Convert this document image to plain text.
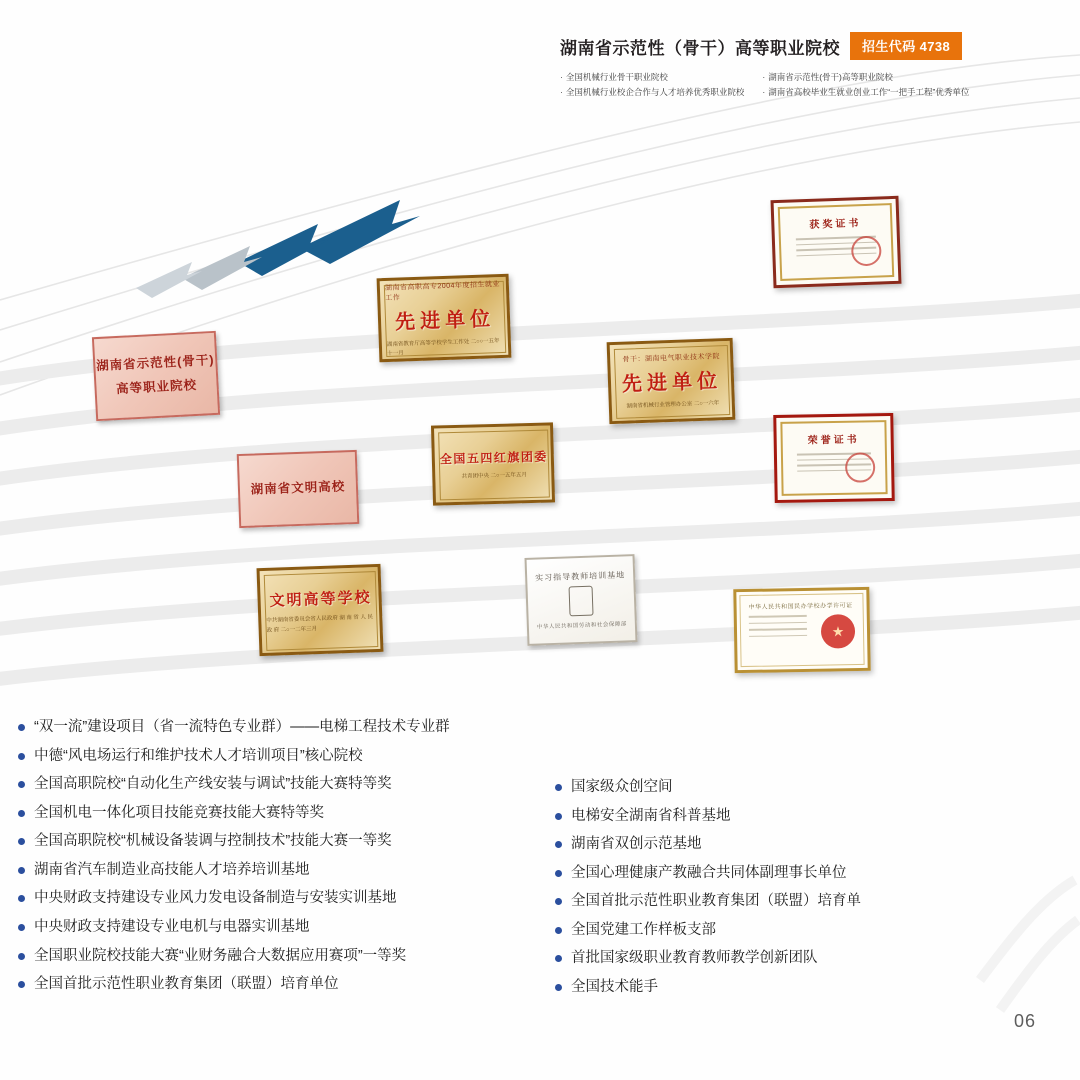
湖南省示范性（骨干）高等职业院校	招生代码 4738
· 全国机械行业骨干职业院校
· 全国机械行业校企合作与人才培养优秀职业院校
· 湖南省示范性(骨干)高等职业院校
· 湖南省高校毕业生就业创业工作“一把手工程”优秀单位
湖南省示范性(骨干)
高等职业院校
湖南省高职高专2004年度招生就业工作
先进单位
湖南省教育厅高等学校学生工作处 二○○一五年十一月
湖南省文明高校
全国五四红旗团委
共青团中央 二○一五年五月
文明高等学校
中共湖南省委员会省人民政府 湖 南 省 人 民 政 府 二○一二年三月
骨干：湖南电气职业技术学院
先进单位
湖南省机械行业管理办公室 二○一六年
实习指导教师培训基地
中华人民共和国劳动和社会保障部
获奖证书
荣誉证书
中华人民共和国民办学校办学许可证
★
“双一流”建设项目（省一流特色专业群）——电梯工程技术专业群
中德“风电场运行和维护技术人才培训项目”核心院校
全国高职院校“自动化生产线安装与调试”技能大赛特等奖
全国机电一体化项目技能竞赛技能大赛特等奖
全国高职院校“机械设备装调与控制技术”技能大赛一等奖
湖南省汽车制造业高技能人才培养培训基地
中央财政支持建设专业风力发电设备制造与安装实训基地
中央财政支持建设专业电机与电器实训基地
全国职业院校技能大赛“业财务融合大数据应用赛项”一等奖
全国首批示范性职业教育集团（联盟）培育单位
国家级众创空间
电梯安全湖南省科普基地
湖南省双创示范基地
全国心理健康产教融合共同体副理事长单位
全国首批示范性职业教育集团（联盟）培育单
全国党建工作样板支部
首批国家级职业教育教师教学创新团队
全国技术能手
06
